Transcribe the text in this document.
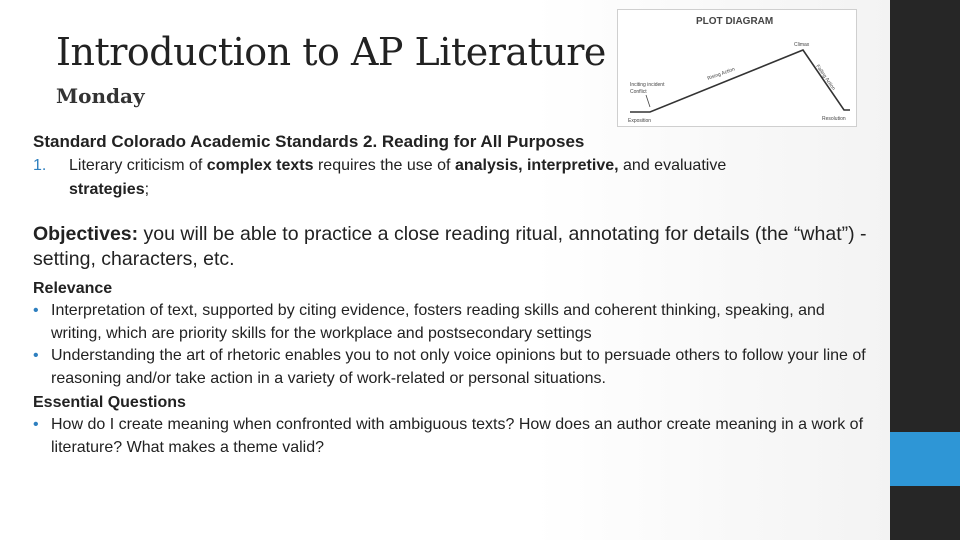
Introduction to AP Literature
Monday
PLOT DIAGRAM
Climax
Rising Action	Falling Action
Inciting incident
Conflict
Exposition	Resolution

Standard Colorado Academic Standards 2. Reading for All Purposes

1.	Literary criticism of complex texts requires the use of analysis, interpretive, and evaluative
strategies;

Objectives: you will be able to practice a close reading ritual, annotating for details (the “what”) - setting, characters, etc.

Relevance

• Interpretation of text, supported by citing evidence, fosters reading skills and coherent thinking, speaking, and writing, which are priority skills for the workplace and postsecondary settings
• Understanding the art of rhetoric enables you to not only voice opinions but to persuade others to follow your line of reasoning and/or take action in a variety of work-related or personal situations.

Essential Questions

• How do I create meaning when confronted with ambiguous texts? How does an author create meaning in a work of literature? What makes a theme valid?
